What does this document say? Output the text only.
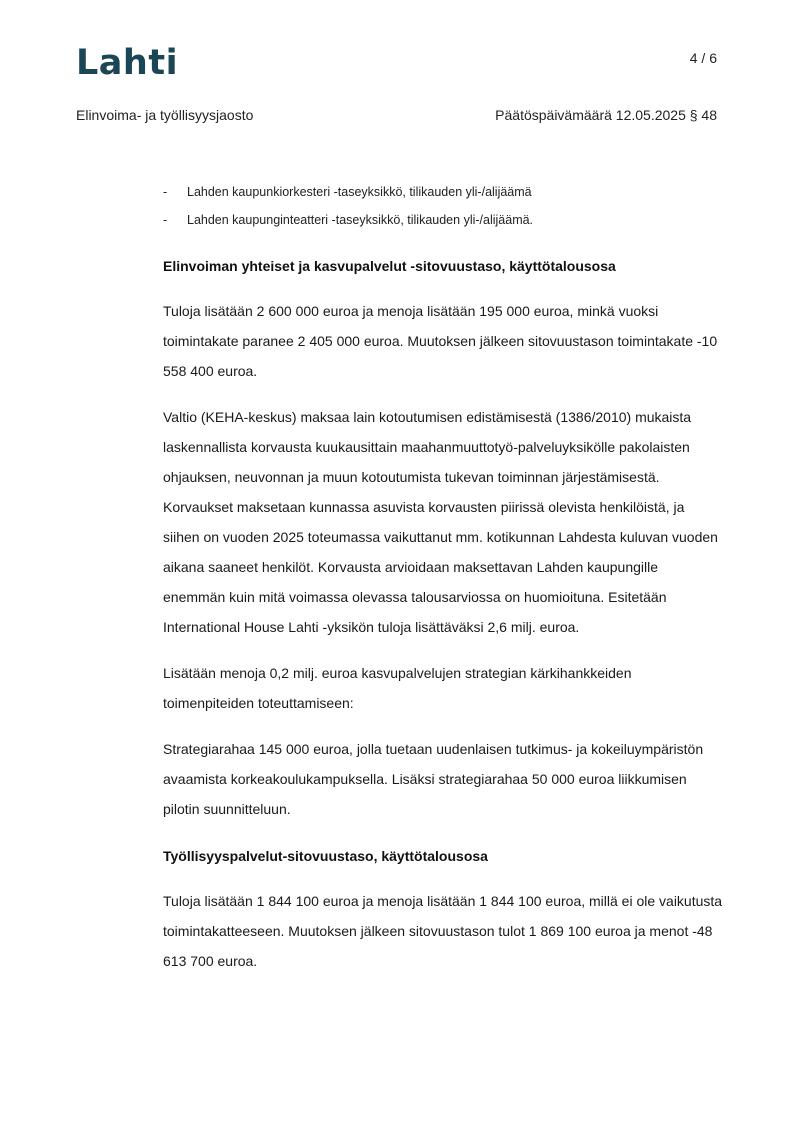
Lahti	4 / 6
Elinvoima- ja työllisyysjaosto	Päätöspäivämäärä 12.05.2025 § 48
- Lahden kaupunkiorkesteri -taseyksikkö, tilikauden yli-/alijäämä
- Lahden kaupunginteatteri -taseyksikkö, tilikauden yli-/alijäämä.

Elinvoiman yhteiset ja kasvupalvelut -sitovuustaso, käyttötalousosa

Tuloja lisätään 2 600 000 euroa ja menoja lisätään 195 000 euroa, minkä vuoksi toimintakate paranee 2 405 000 euroa. Muutoksen jälkeen sitovuustason toimintakate -10 558 400 euroa.

Valtio (KEHA-keskus) maksaa lain kotoutumisen edistämisestä (1386/2010) mukaista laskennallista korvausta kuukausittain maahanmuuttotyö-palveluyksikölle pakolaisten ohjauksen, neuvonnan ja muun kotoutumista tukevan toiminnan järjestämisestä. Korvaukset maksetaan kunnassa asuvista korvausten piirissä olevista henkilöistä, ja siihen on vuoden 2025 toteumassa vaikuttanut mm. kotikunnan Lahdesta kuluvan vuoden aikana saaneet henkilöt. Korvausta arvioidaan maksettavan Lahden kaupungille enemmän kuin mitä voimassa olevassa talousarviossa on huomioituna. Esitetään International House Lahti -yksikön tuloja lisättäväksi 2,6 milj. euroa.

Lisätään menoja 0,2 milj. euroa kasvupalvelujen strategian kärkihankkeiden toimenpiteiden toteuttamiseen:

Strategiarahaa 145 000 euroa, jolla tuetaan uudenlaisen tutkimus- ja kokeiluympäristön avaamista korkeakoulukampuksella. Lisäksi strategiarahaa 50 000 euroa liikkumisen pilotin suunnitteluun.

Työllisyyspalvelut-sitovuustaso, käyttötalousosa

Tuloja lisätään 1 844 100 euroa ja menoja lisätään 1 844 100 euroa, millä ei ole vaikutusta toimintakatteeseen. Muutoksen jälkeen sitovuustason tulot 1 869 100 euroa ja menot -48 613 700 euroa.
